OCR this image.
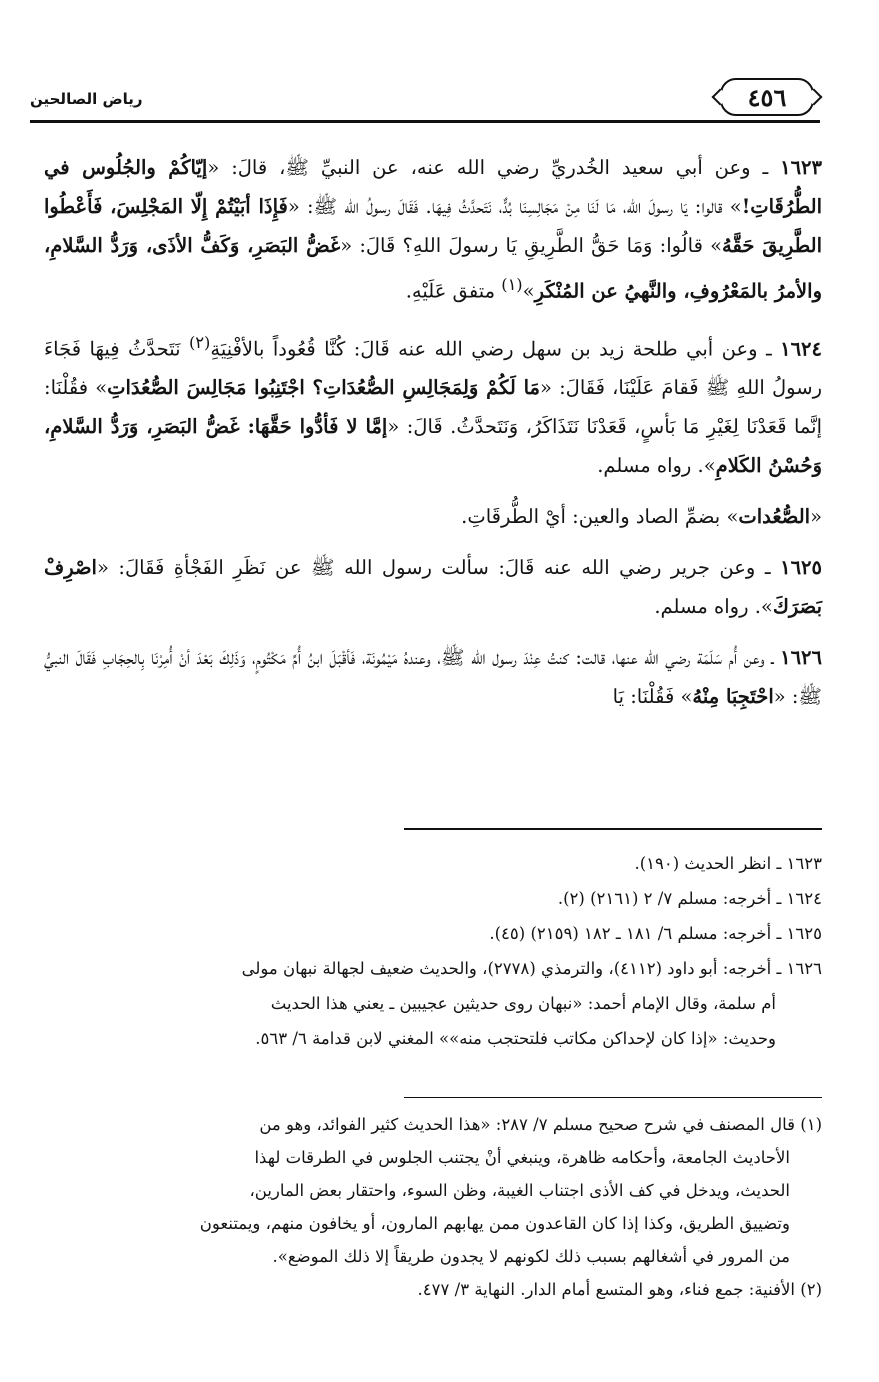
رياض الصالحين	٤٥٦

١٦٢٣ ـ وعن أبي سعيد الخُدريِّ رضي الله عنه، عن النبيِّ ﷺ، قالَ: «إيّاكُمْ والجُلُوس في الطُّرُقَاتِ!» قالوا: يَا رسولَ الله، مَا لَنَا مِنْ مَجَالِسِنَا بُدٌّ، نَتَحدَّثُ فِيهَا. فَقَالَ رسولُ الله ﷺ: «فَإِذَا أبَيْتُمْ إِلّا المَجْلِسَ، فَأَعْطُوا الطَّرِيقَ حَقَّهُ» قالُوا: وَمَا حَقُّ الطَّرِيقِ يَا رسولَ اللهِ؟ قَالَ: «غَضُّ البَصَرِ، وَكَفُّ الأذَى، وَرَدُّ السَّلامِ، والأمرُ بالمَعْرُوفِ، والنَّهيُ عن المُنْكَرِ»$^{(١)}$ متفق عَلَيْهِ.

١٦٢٤ ـ وعن أبي طلحة زيد بن سهل رضي الله عنه قَالَ: كُنَّا قُعُوداً بالأفْنِيَةِ$^{(٢)}$ نَتَحدَّثُ فِيهَا فَجَاءَ رسولُ اللهِ ﷺ فَقامَ عَلَيْنَا، فَقَالَ: «مَا لَكُمْ وَلِمَجَالِسِ الصُّعُدَاتِ؟ اجْتَنِبُوا مَجَالِسَ الصُّعُدَاتِ» فقُلْنَا: إنَّما قَعَدْنَا لِغَيْرِ مَا بَأسٍ، قَعَدْنَا نَتَذَاكَرُ، وَنَتَحدَّثُ. قَالَ: «إمَّا لا فَأدُّوا حَقَّهَا: غَضُّ البَصَرِ، وَرَدُّ السَّلامِ، وَحُسْنُ الكَلامِ». رواه مسلم.

«الصُّعُدات» بضمِّ الصاد والعين: أيْ الطُّرقَاتِ.

١٦٢٥ ـ وعن جرير رضي الله عنه قَالَ: سألت رسول الله ﷺ عن نَظَرِ الفَجْأةِ فَقَالَ: «اصْرِفْ بَصَرَكَ». رواه مسلم.

١٦٢٦ ـ وعن أُم سَلَمَة رضي الله عنها، قالت: كنتُ عِنْدَ رسول الله ﷺ، وعندهُ مَيْمُونَة، فَأقْبَلَ ابنُ أُمِّ مَكْتُومٍ، وَذَلِكَ بَعْدَ أنْ أُمِرْنَا بِالحِجَابِ فَقَالَ النبيُّ ﷺ: «احْتَجِبَا مِنْهُ» فَقُلْنَا: يَا

١٦٢٣ ـ انظر الحديث (١٩٠).

١٦٢٤ ـ أخرجه: مسلم ٧/ ٢ (٢١٦١) (٢).

١٦٢٥ ـ أخرجه: مسلم ٦/ ١٨١ ـ ١٨٢ (٢١٥٩) (٤٥).

١٦٢٦ ـ أخرجه: أبو داود (٤١١٢)، والترمذي (٢٧٧٨)، والحديث ضعيف لجهالة نبهان مولى

أم سلمة، وقال الإمام أحمد: «نبهان روى حديثين عجيبين ـ يعني هذا الحديث

وحديث: «إذا كان لإحداكن مكاتب فلتحتجب منه»» المغني لابن قدامة ٦/ ٥٦٣.

(١) قال المصنف في شرح صحيح مسلم ٧/ ٢٨٧: «هذا الحديث كثير الفوائد، وهو من

الأحاديث الجامعة، وأحكامه ظاهرة، وينبغي أنْ يجتنب الجلوس في الطرقات لهذا

الحديث، ويدخل في كف الأذى اجتناب الغيبة، وظن السوء، واحتقار بعض المارين،

وتضييق الطريق، وكذا إذا كان القاعدون ممن يهابهم المارون، أو يخافون منهم، ويمتنعون

من المرور في أشغالهم بسبب ذلك لكونهم لا يجدون طريقاً إلا ذلك الموضع».

(٢) الأفنية: جمع فناء، وهو المتسع أمام الدار. النهاية ٣/ ٤٧٧.
